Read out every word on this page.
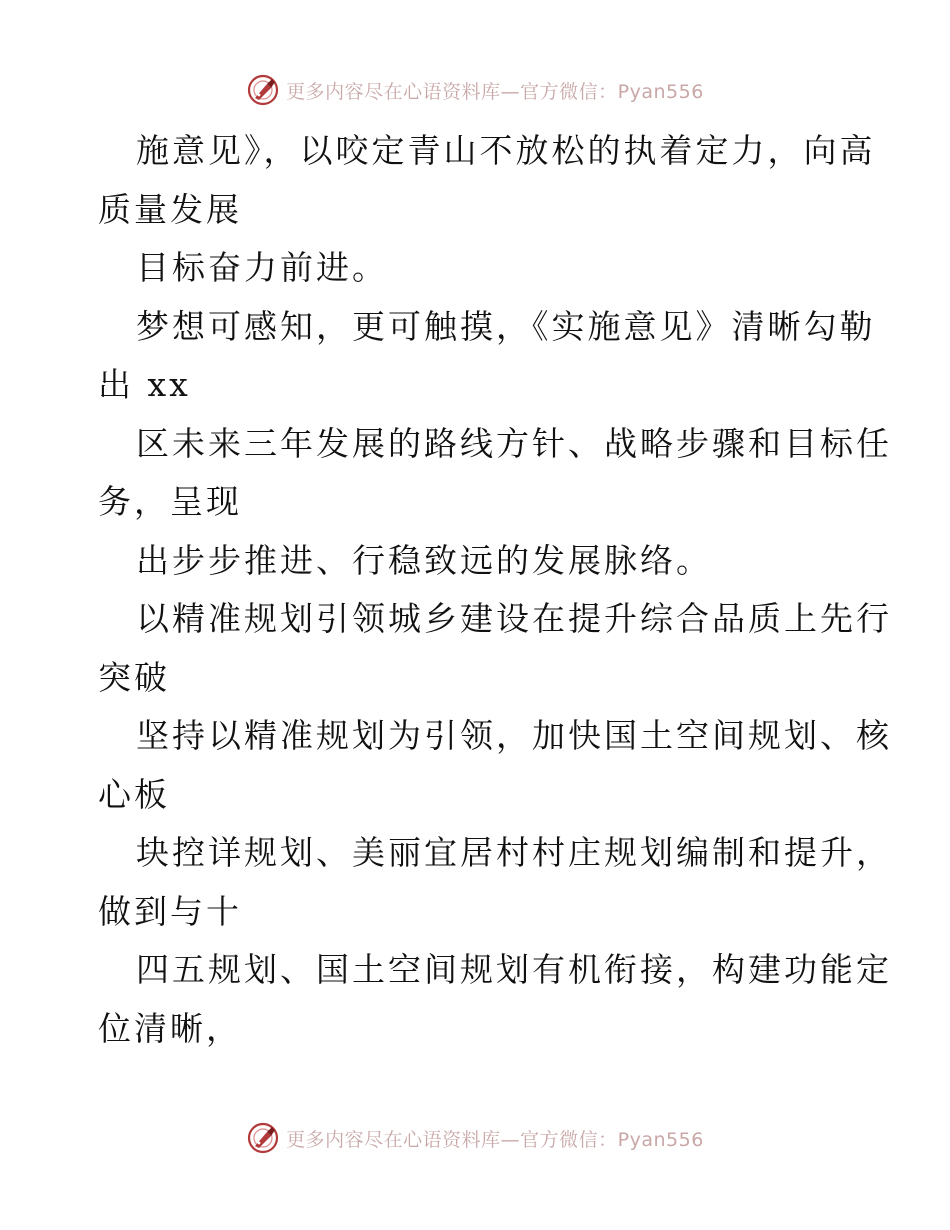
更多内容尽在心语资料库—官方微信：Pyan556
施意见》，以咬定青山不放松的执着定力，向高
质量发展
目标奋力前进。
梦想可感知，更可触摸，《实施意见》清晰勾勒
出 xx
区未来三年发展的路线方针、战略步骤和目标任
务，呈现
出步步推进、行稳致远的发展脉络。
以精准规划引领城乡建设在提升综合品质上先行
突破
坚持以精准规划为引领，加快国土空间规划、核
心板
块控详规划、美丽宜居村村庄规划编制和提升，
做到与十
四五规划、国土空间规划有机衔接，构建功能定
位清晰，
更多内容尽在心语资料库—官方微信：Pyan556
